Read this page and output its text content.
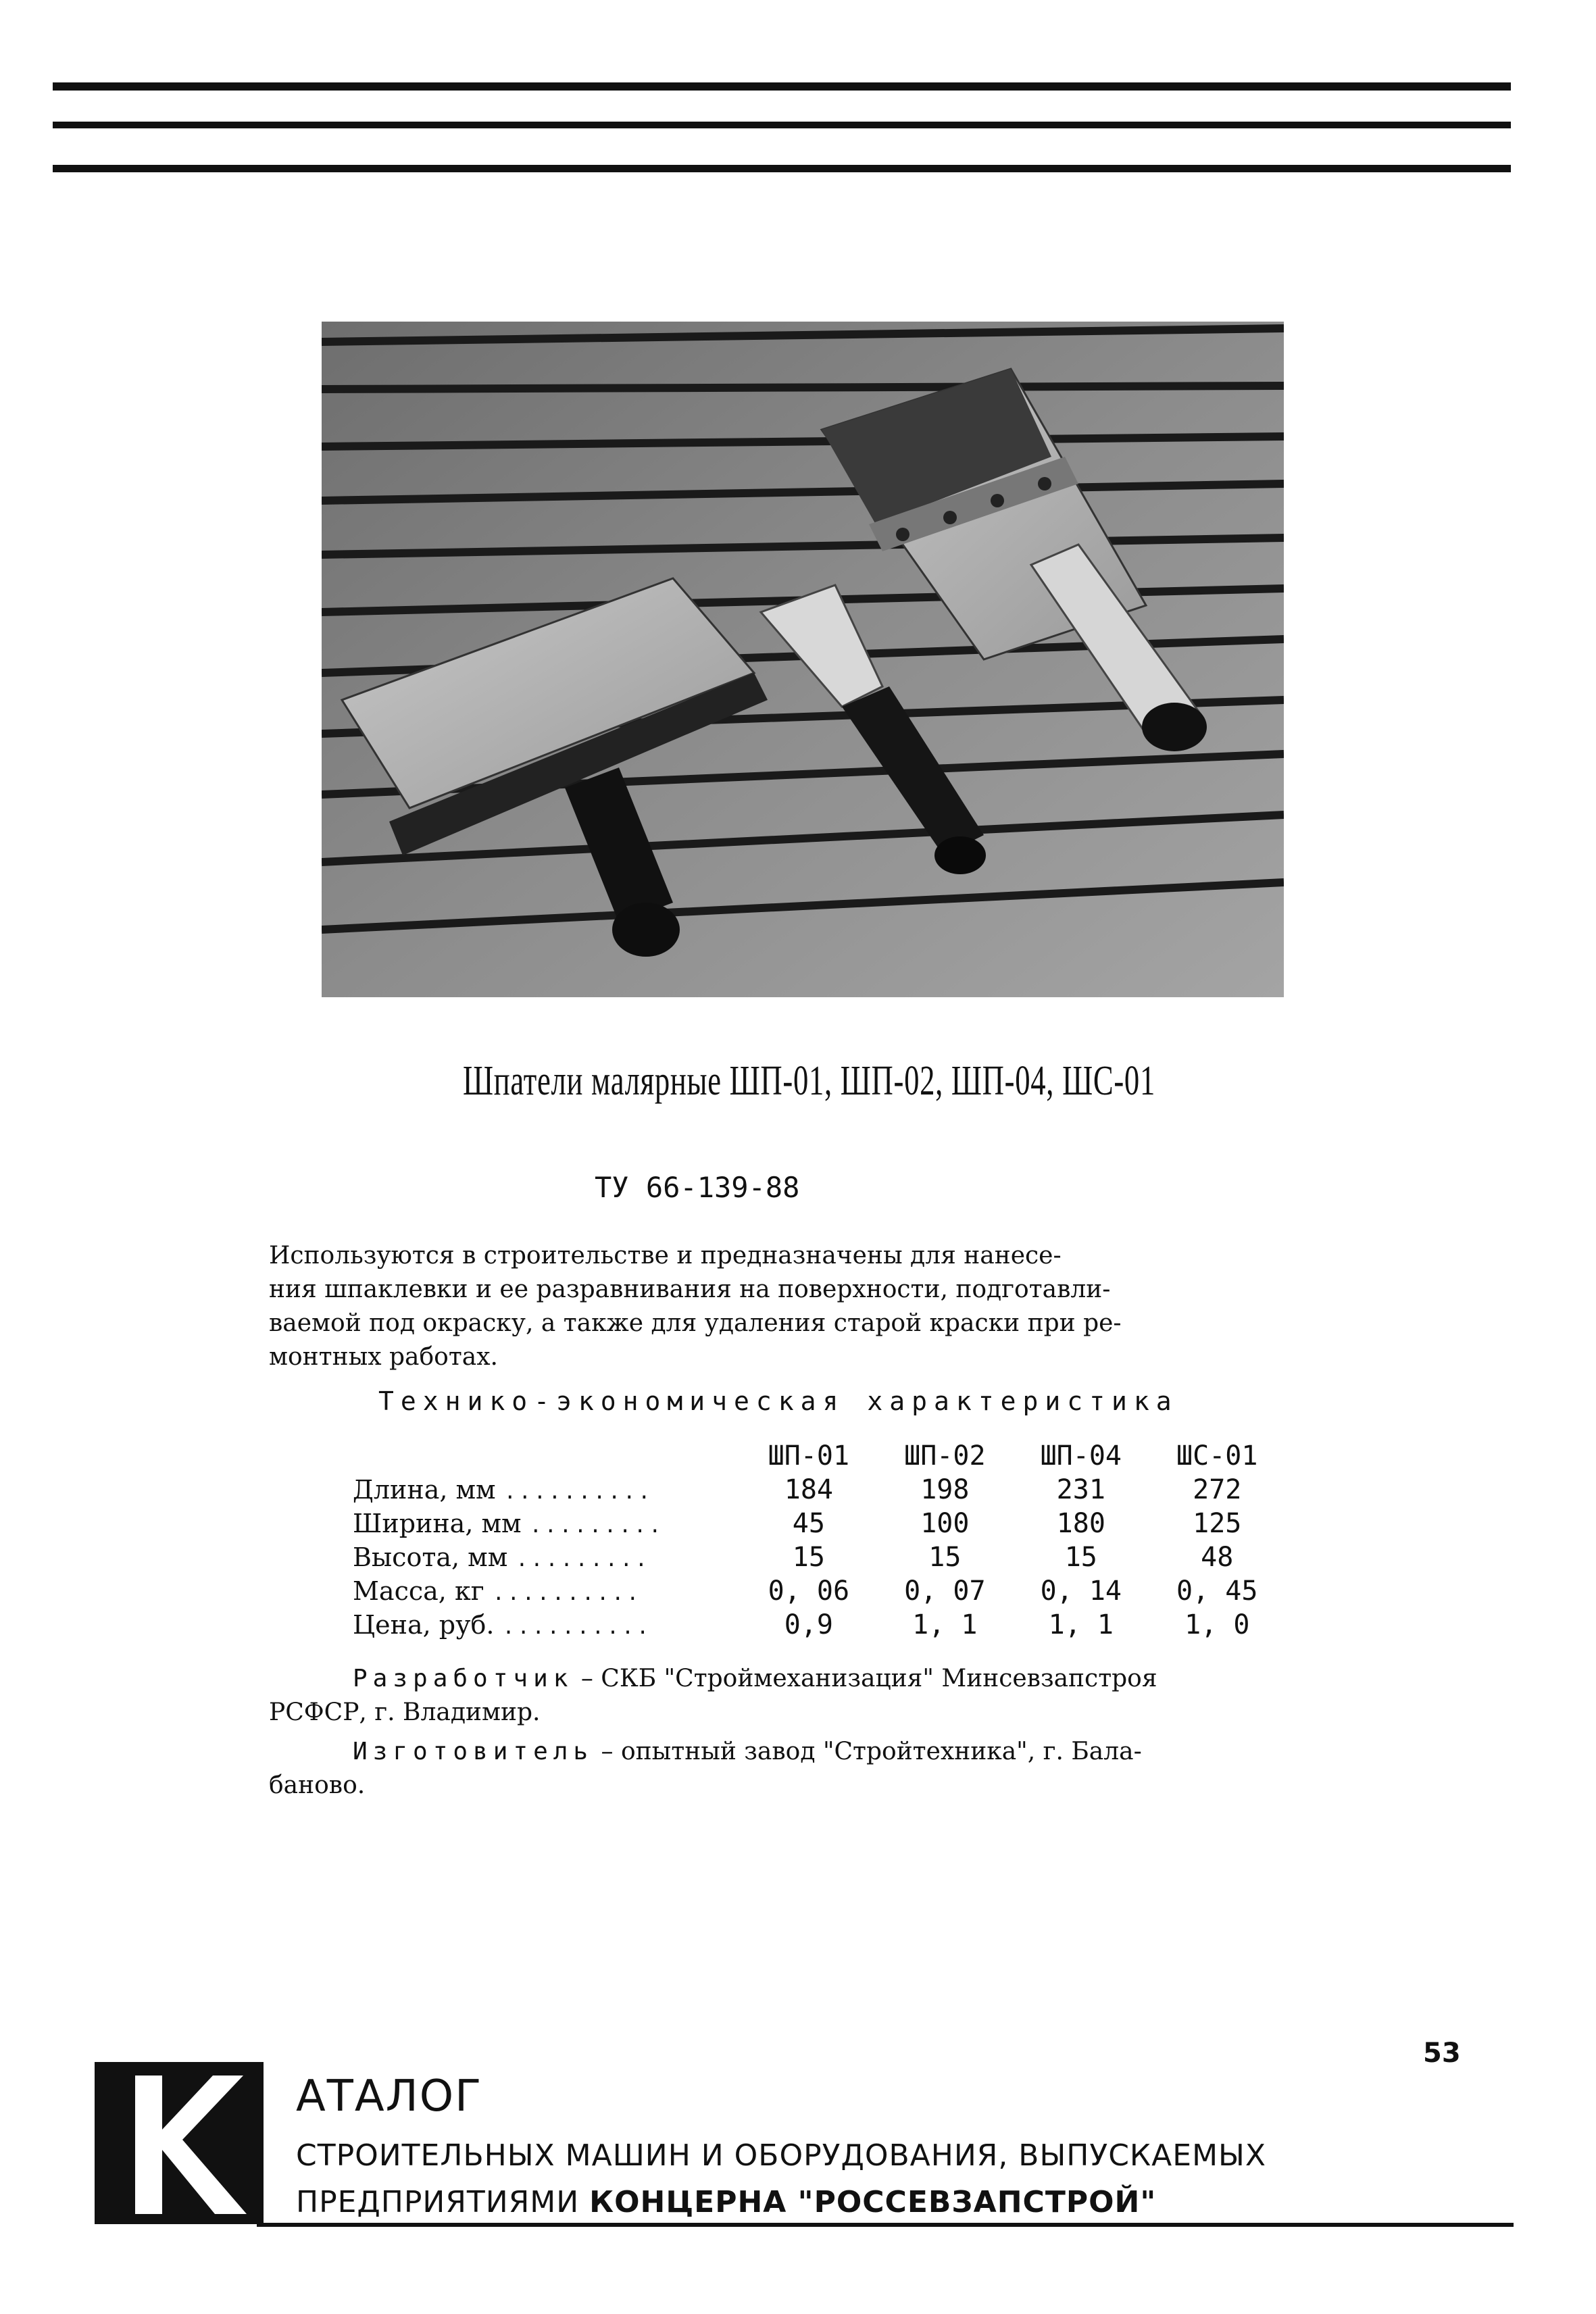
Шпатели малярные ШП-01, ШП-02, ШП-04, ШС-01
ТУ 66-139-88
Используются в строительстве и предназначены для нанесе-
ния шпаклевки и ее разравнивания на поверхности, подготавли-
ваемой под окраску, а также для удаления старой краски при ре-
монтных работах.
Технико-экономическая характеристика
	ШП-01	ШП-02	ШП-04	ШС-01
Длина, мм ..........	184	198	231	272
Ширина, мм .........	45	100	180	125
Высота, мм .........	15	15	15	48
Масса, кг ..........	0, 06	0, 07	0, 14	0, 45
Цена, руб. ..........	0,9	1, 1	1, 1	1, 0
Разработчик – СКБ "Строймеханизация" Минсевзапстроя
РСФСР, г. Владимир.
Изготовитель – опытный завод "Стройтехника", г. Бала-
баново.
53
АТАЛОГ
СТРОИТЕЛЬНЫХ МАШИН И ОБОРУДОВАНИЯ, ВЫПУСКАЕМЫХ
ПРЕДПРИЯТИЯМИ КОНЦЕРНА "РОССЕВЗАПСТРОЙ"
